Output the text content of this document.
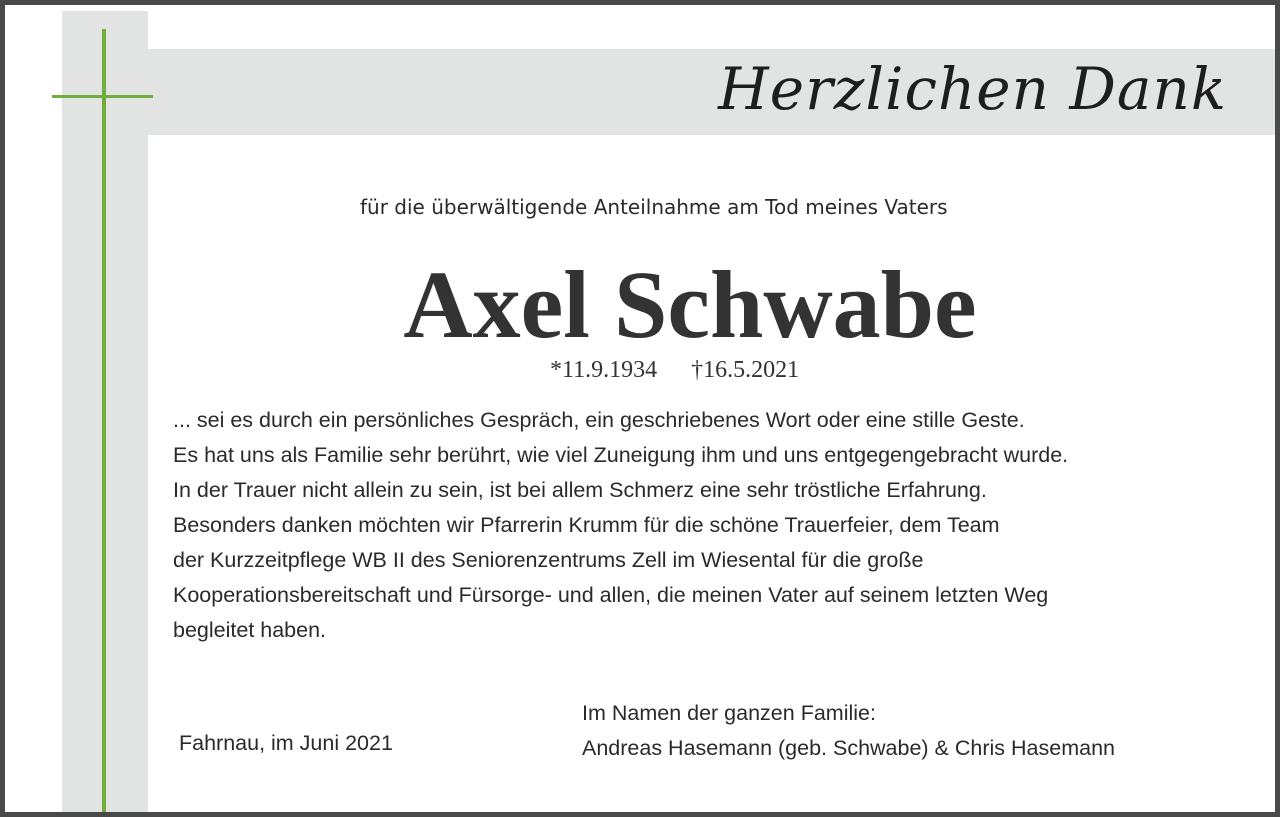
Herzlichen Dank
für die überwältigende Anteilnahme am Tod meines Vaters
Axel Schwabe
*11.9.1934 †16.5.2021
... sei es durch ein persönliches Gespräch, ein geschriebenes Wort oder eine stille Geste.
Es hat uns als Familie sehr berührt, wie viel Zuneigung ihm und uns entgegengebracht wurde.
In der Trauer nicht allein zu sein, ist bei allem Schmerz eine sehr tröstliche Erfahrung.
Besonders danken möchten wir Pfarrerin Krumm für die schöne Trauerfeier, dem Team
der Kurzzeitpflege WB II des Seniorenzentrums Zell im Wiesental für die große
Kooperationsbereitschaft und Fürsorge- und allen, die meinen Vater auf seinem letzten Weg
begleitet haben.
Fahrnau, im Juni 2021
Im Namen der ganzen Familie:
Andreas Hasemann (geb. Schwabe) & Chris Hasemann
